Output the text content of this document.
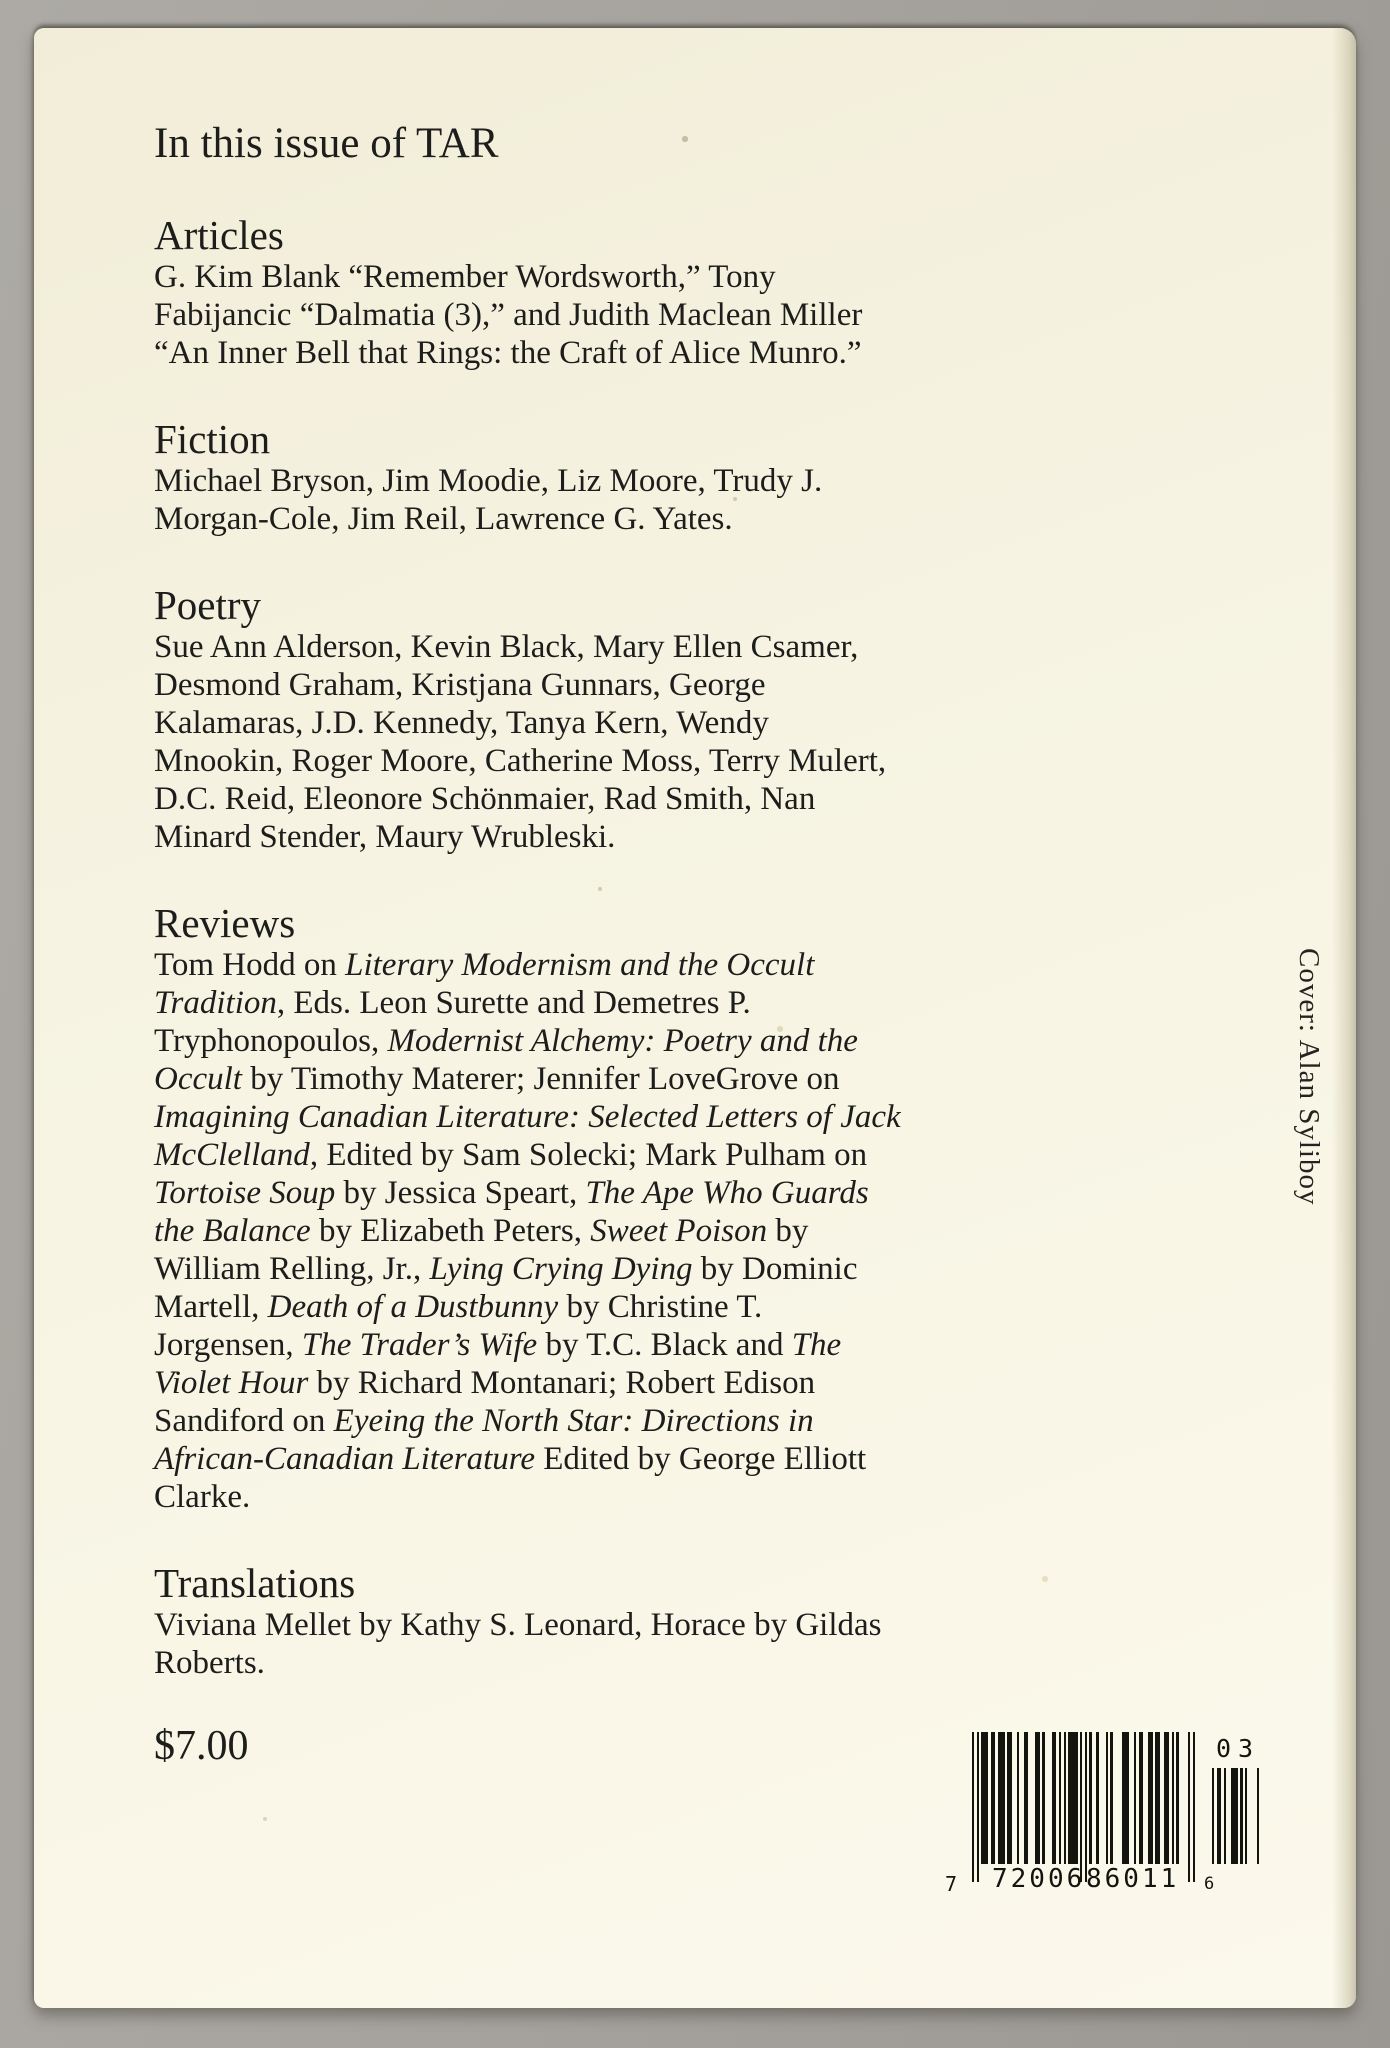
In this issue of TAR
Articles
G. Kim Blank “Remember Wordsworth,” Tony
Fabijancic “Dalmatia (3),” and Judith Maclean Miller
“An Inner Bell that Rings: the Craft of Alice Munro.”
Fiction
Michael Bryson, Jim Moodie, Liz Moore, Trudy J.
Morgan-Cole, Jim Reil, Lawrence G. Yates.
Poetry
Sue Ann Alderson, Kevin Black, Mary Ellen Csamer,
Desmond Graham, Kristjana Gunnars, George
Kalamaras, J.D. Kennedy, Tanya Kern, Wendy
Mnookin, Roger Moore, Catherine Moss, Terry Mulert,
D.C. Reid, Eleonore Schönmaier, Rad Smith, Nan
Minard Stender, Maury Wrubleski.
Reviews
Tom Hodd on Literary Modernism and the Occult
Tradition, Eds. Leon Surette and Demetres P.
Tryphonopoulos, Modernist Alchemy: Poetry and the
Occult by Timothy Materer; Jennifer LoveGrove on
Imagining Canadian Literature: Selected Letters of Jack
McClelland, Edited by Sam Solecki; Mark Pulham on
Tortoise Soup by Jessica Speart, The Ape Who Guards
the Balance by Elizabeth Peters, Sweet Poison by
William Relling, Jr., Lying Crying Dying by Dominic
Martell, Death of a Dustbunny by Christine T.
Jorgensen, The Trader’s Wife by T.C. Black and The
Violet Hour by Richard Montanari; Robert Edison
Sandiford on Eyeing the North Star: Directions in
African-Canadian Literature Edited by George Elliott
Clarke.
Translations
Viviana Mellet by Kathy S. Leonard, Horace by Gildas
Roberts.
$7.00
Cover: Alan Syliboy
7 72006 86011 6
03
